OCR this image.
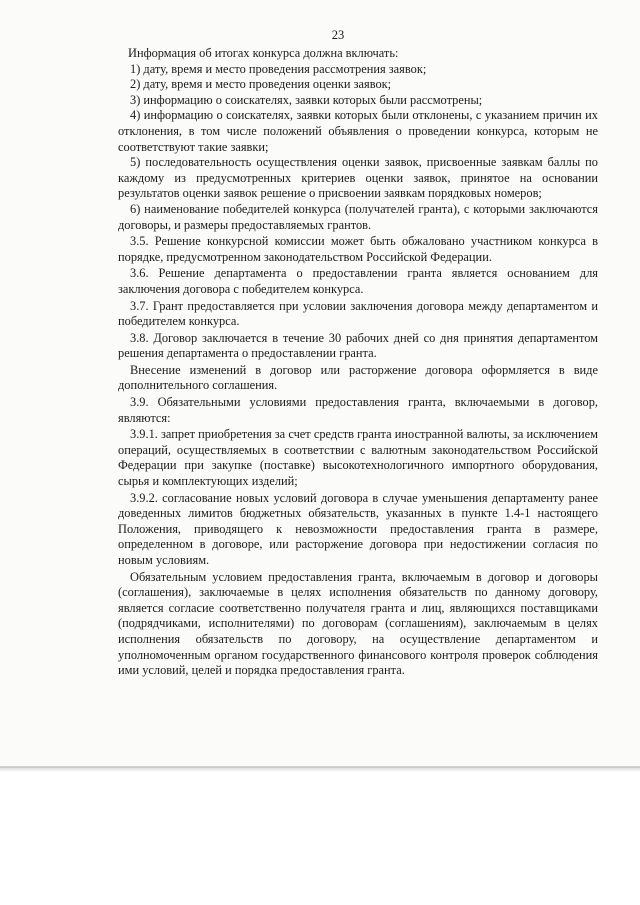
23

Информация об итогах конкурса должна включать:

1) дату, время и место проведения рассмотрения заявок;

2) дату, время и место проведения оценки заявок;

3) информацию о соискателях, заявки которых были рассмотрены;

4) информацию о соискателях, заявки которых были отклонены, с указанием причин их отклонения, в том числе положений объявления о проведении конкурса, которым не соответствуют такие заявки;

5) последовательность осуществления оценки заявок, присвоенные заявкам баллы по каждому из предусмотренных критериев оценки заявок, принятое на основании результатов оценки заявок решение о присвоении заявкам порядковых номеров;

6) наименование победителей конкурса (получателей гранта), с которыми заключаются договоры, и размеры предоставляемых грантов.

3.5. Решение конкурсной комиссии может быть обжаловано участником конкурса в порядке, предусмотренном законодательством Российской Федерации.

3.6. Решение департамента о предоставлении гранта является основанием для заключения договора с победителем конкурса.

3.7. Грант предоставляется при условии заключения договора между департаментом и победителем конкурса.

3.8. Договор заключается в течение 30 рабочих дней со дня принятия департаментом решения департамента о предоставлении гранта.

Внесение изменений в договор или расторжение договора оформляется в виде дополнительного соглашения.

3.9. Обязательными условиями предоставления гранта, включаемыми в договор, являются:

3.9.1. запрет приобретения за счет средств гранта иностранной валюты, за исключением операций, осуществляемых в соответствии с валютным законодательством Российской Федерации при закупке (поставке) высокотехнологичного импортного оборудования, сырья и комплектующих изделий;

3.9.2. согласование новых условий договора в случае уменьшения департаменту ранее доведенных лимитов бюджетных обязательств, указанных в пункте 1.4-1 настоящего Положения, приводящего к невозможности предоставления гранта в размере, определенном в договоре, или расторжение договора при недостижении согласия по новым условиям.

Обязательным условием предоставления гранта, включаемым в договор и договоры (соглашения), заключаемые в целях исполнения обязательств по данному договору, является согласие соответственно получателя гранта и лиц, являющихся поставщиками (подрядчиками, исполнителями) по договорам (соглашениям), заключаемым в целях исполнения обязательств по договору, на осуществление департаментом и уполномоченным органом государственного финансового контроля проверок соблюдения ими условий, целей и порядка предоставления гранта.
